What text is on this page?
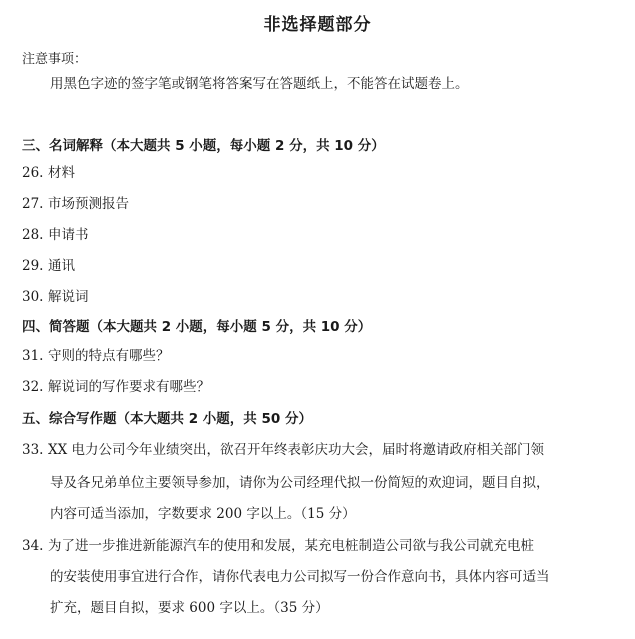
非选择题部分
注意事项：
用黑色字迹的签字笔或钢笔将答案写在答题纸上，不能答在试题卷上。
三、名词解释（本大题共 5 小题，每小题 2 分，共 10 分）
26. 材料
27. 市场预测报告
28. 申请书
29. 通讯
30. 解说词
四、简答题（本大题共 2 小题，每小题 5 分，共 10 分）
31. 守则的特点有哪些？
32. 解说词的写作要求有哪些？
五、综合写作题（本大题共 2 小题，共 50 分）
33. XX 电力公司今年业绩突出，欲召开年终表彰庆功大会，届时将邀请政府相关部门领
导及各兄弟单位主要领导参加，请你为公司经理代拟一份简短的欢迎词，题目自拟，
内容可适当添加，字数要求 200 字以上。（15 分）
34. 为了进一步推进新能源汽车的使用和发展，某充电桩制造公司欲与我公司就充电桩
的安装使用事宜进行合作，请你代表电力公司拟写一份合作意向书，具体内容可适当
扩充，题目自拟，要求 600 字以上。（35 分）
